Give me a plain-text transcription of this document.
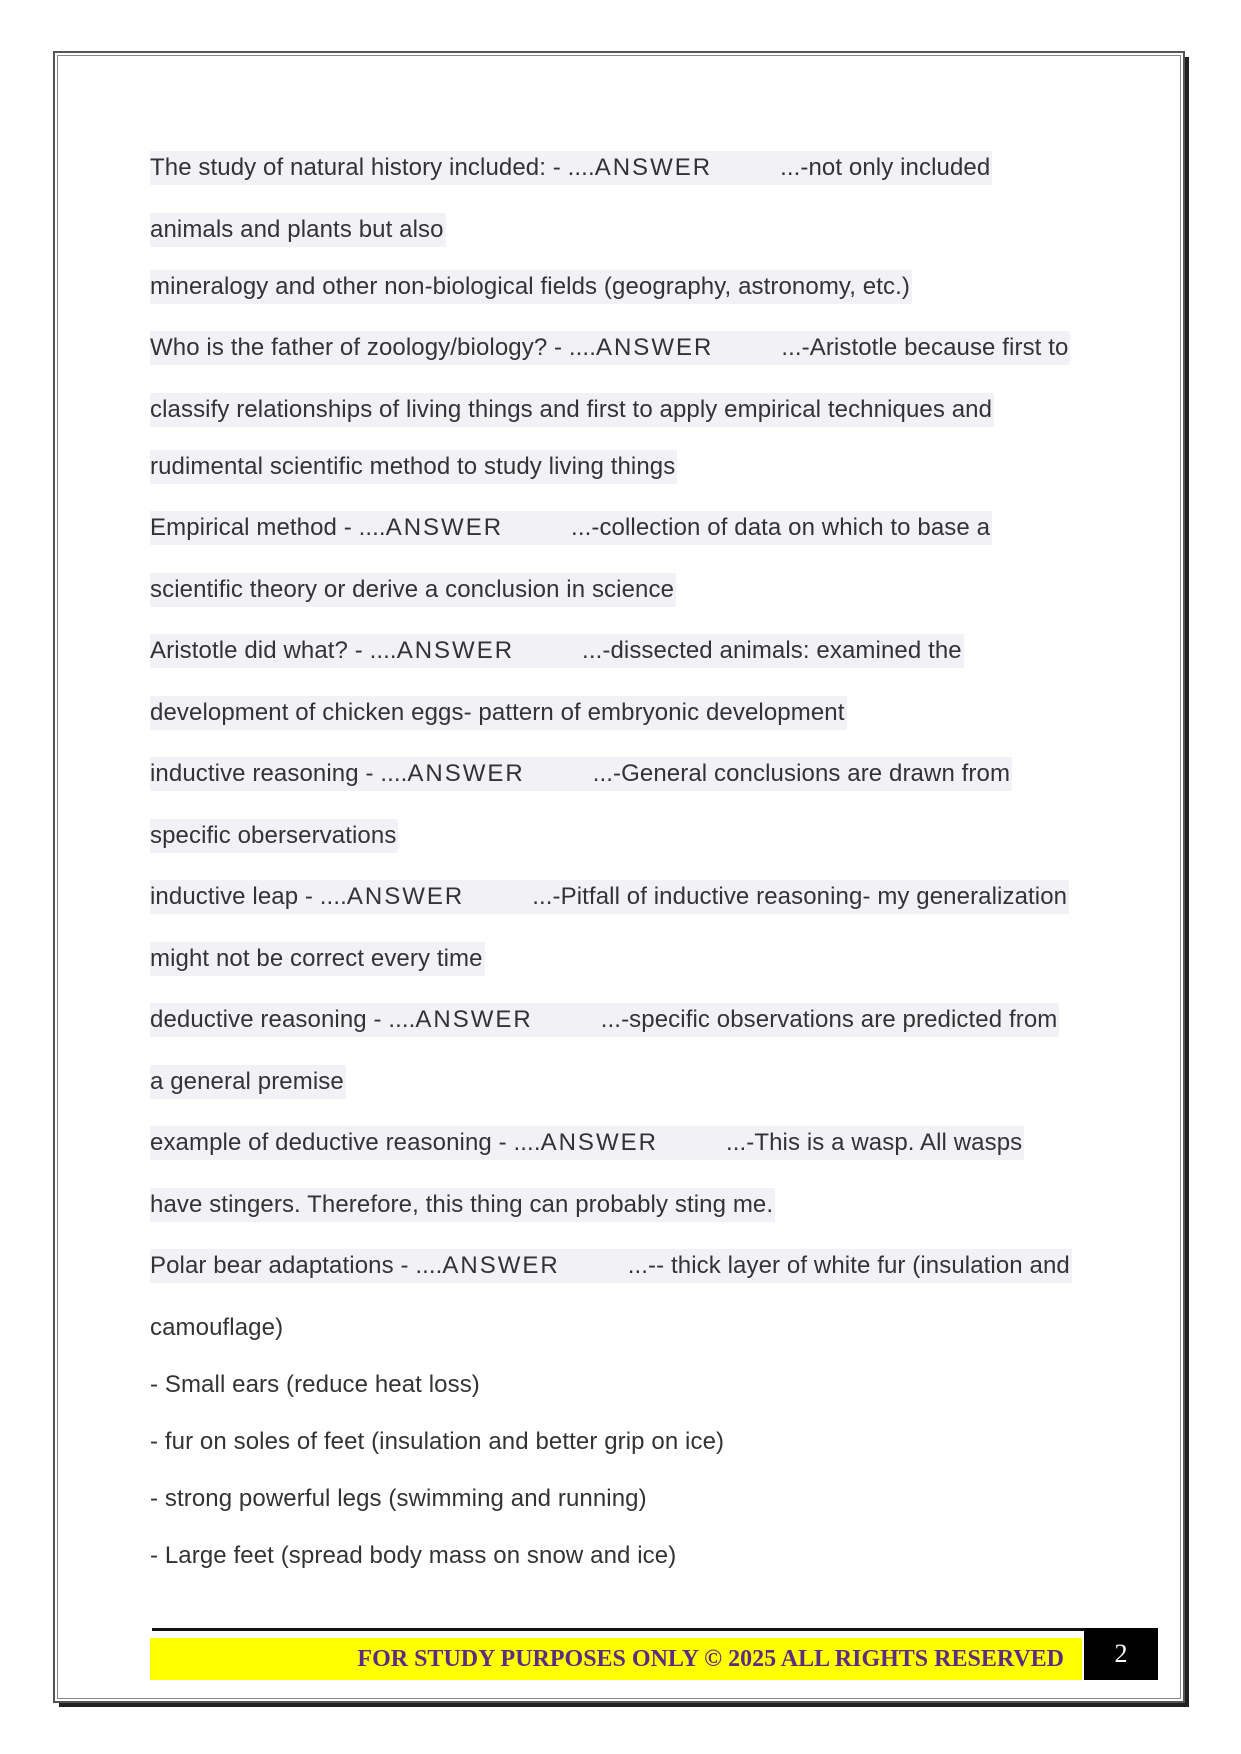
The study of natural history included: - ....ANSWER	...-not only included
animals and plants but also
mineralogy and other non-biological fields (geography, astronomy, etc.)
Who is the father of zoology/biology? - ....ANSWER	...-Aristotle because first to
classify relationships of living things and first to apply empirical techniques and
rudimental scientific method to study living things
Empirical method - ....ANSWER	...-collection of data on which to base a
scientific theory or derive a conclusion in science
Aristotle did what? - ....ANSWER	...-dissected animals: examined the
development of chicken eggs- pattern of embryonic development
inductive reasoning - ....ANSWER	...-General conclusions are drawn from
specific oberservations
inductive leap - ....ANSWER	...-Pitfall of inductive reasoning- my generalization
might not be correct every time
deductive reasoning - ....ANSWER	...-specific observations are predicted from
a general premise
example of deductive reasoning - ....ANSWER	...-This is a wasp. All wasps
have stingers. Therefore, this thing can probably sting me.
Polar bear adaptations - ....ANSWER	...-- thick layer of white fur (insulation and
camouflage)
- Small ears (reduce heat loss)
- fur on soles of feet (insulation and better grip on ice)
- strong powerful legs (swimming and running)
- Large feet (spread body mass on snow and ice)
FOR STUDY PURPOSES ONLY © 2025 ALL RIGHTS RESERVED	2
